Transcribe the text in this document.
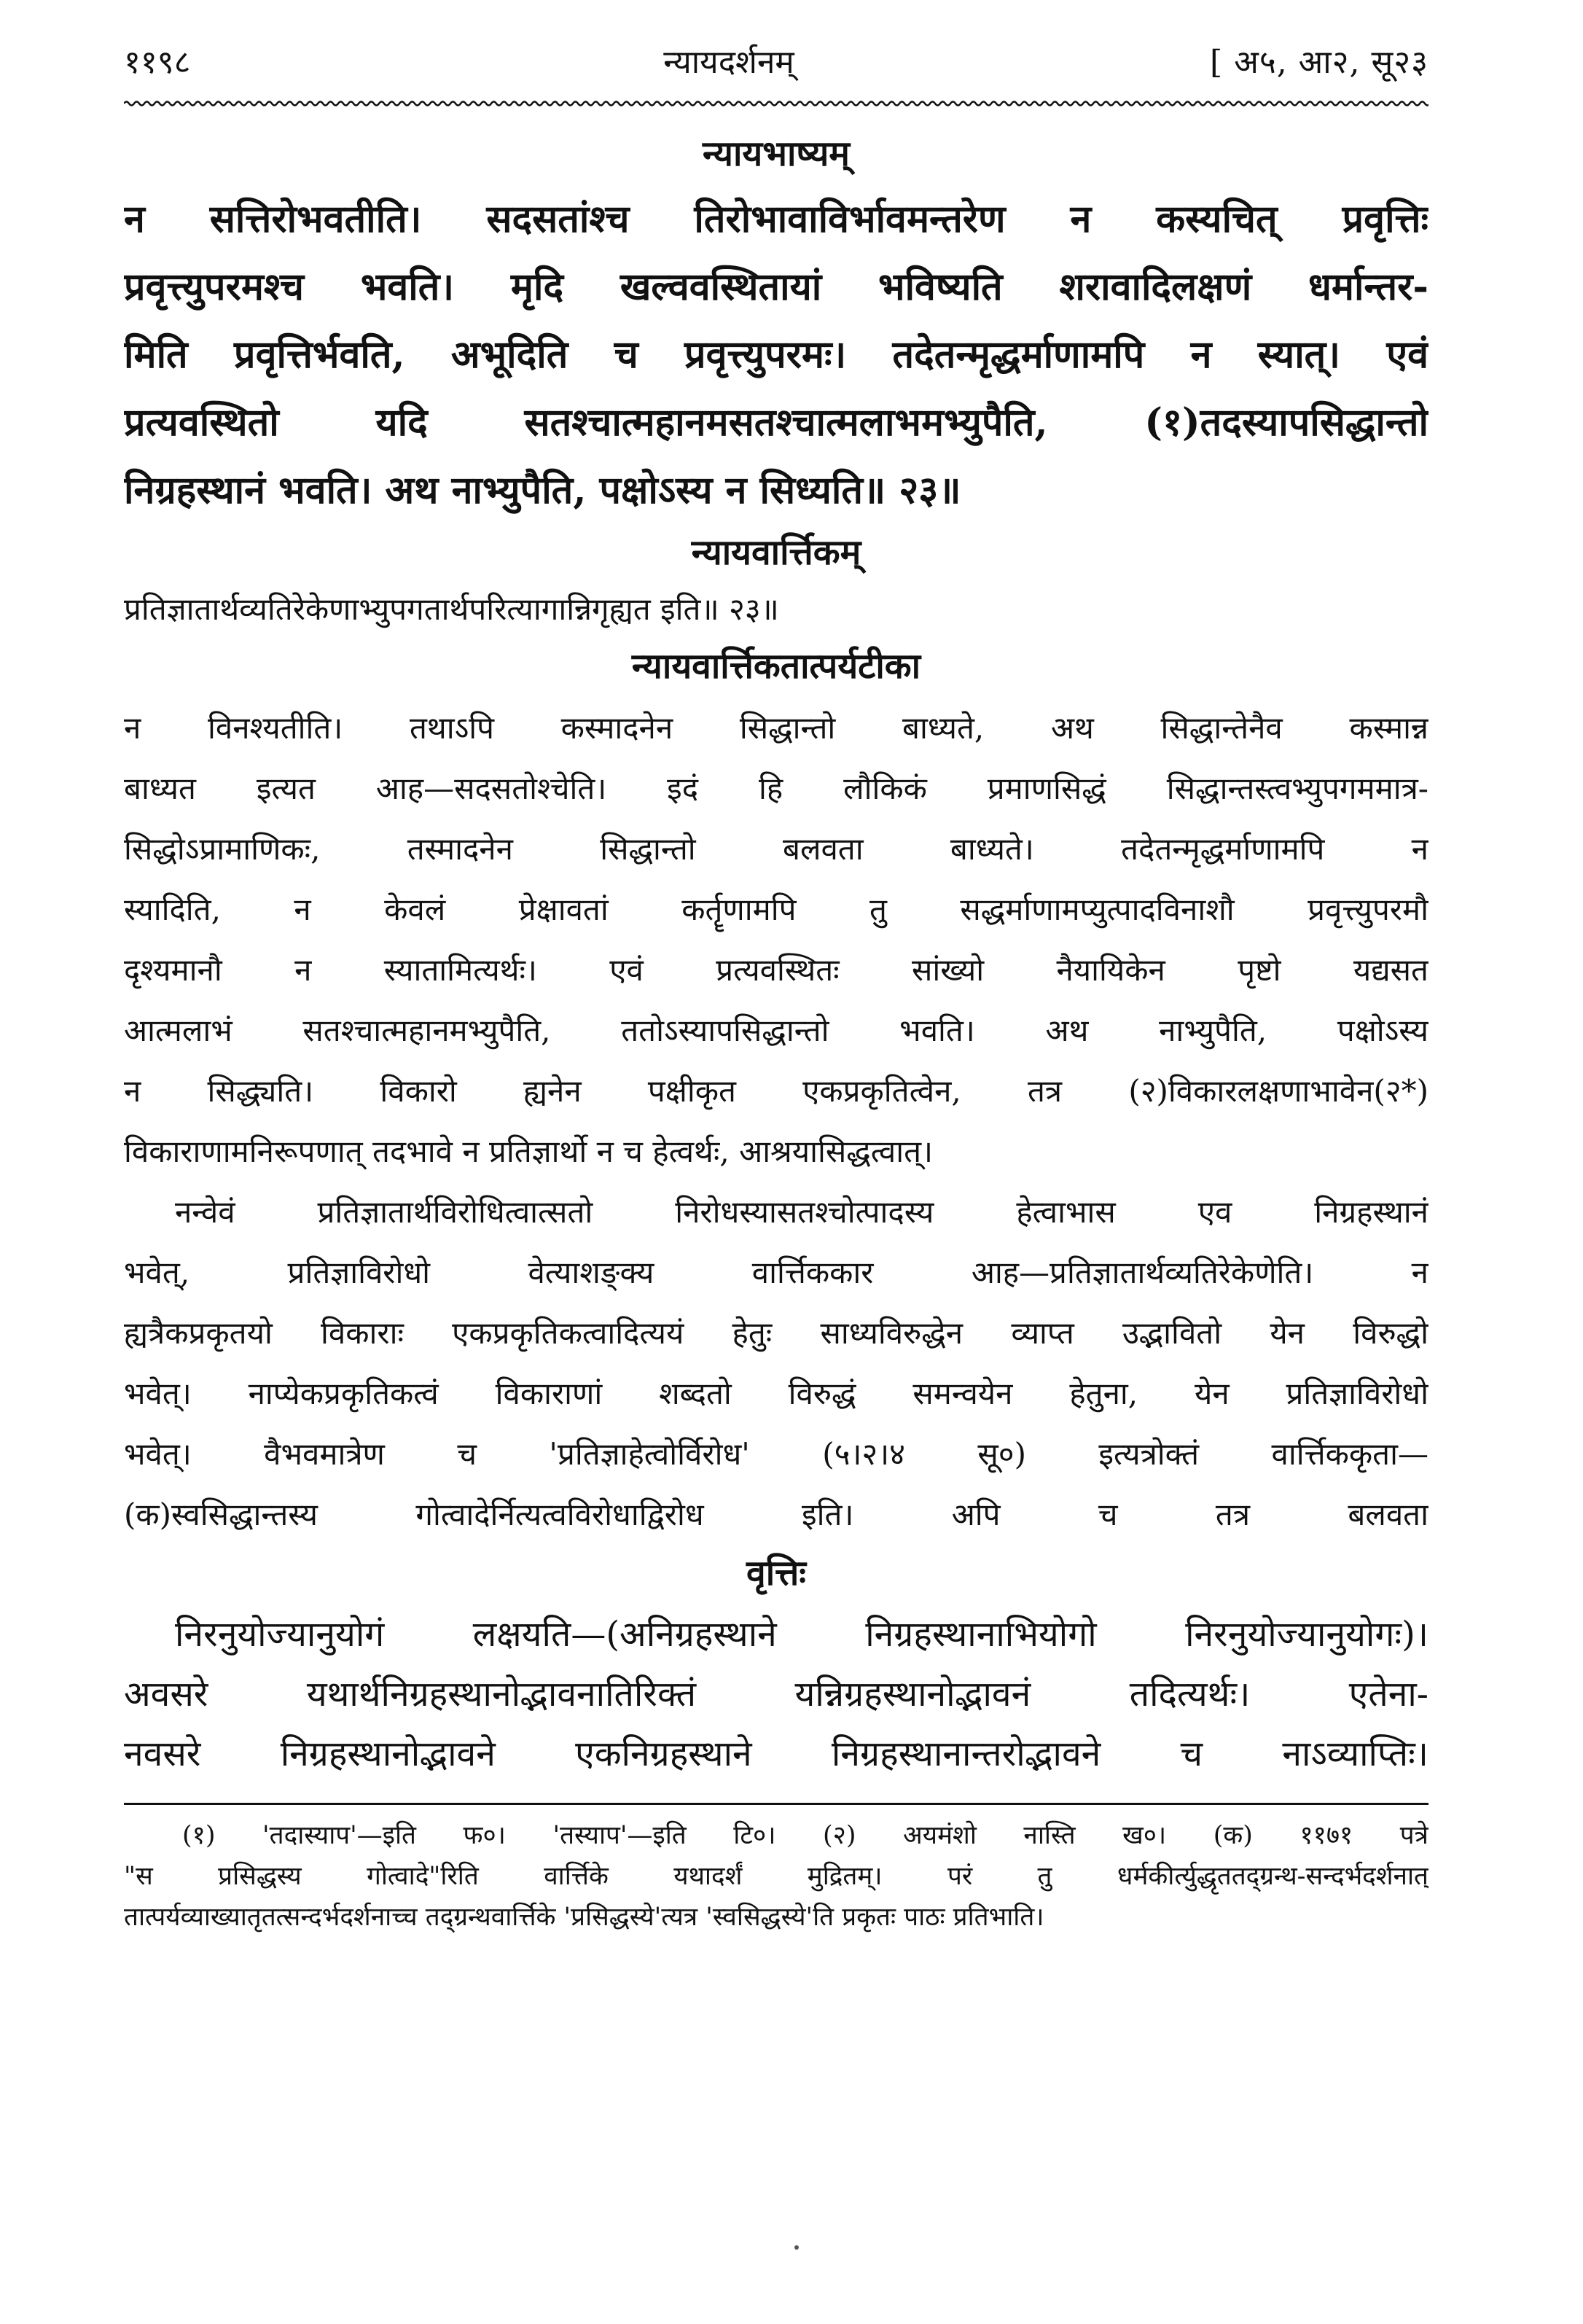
११९८	न्यायदर्शनम्	[ अ५, आ२, सू२३
न्यायभाष्यम्
न सत्तिरोभवतीति। सदसतांश्च तिरोभावाविर्भावमन्तरेण न कस्यचित् प्रवृत्तिः
प्रवृत्त्युपरमश्च भवति। मृदि खल्ववस्थितायां भविष्यति शरावादिलक्षणं धर्मान्तर-
मिति प्रवृत्तिर्भवति, अभूदिति च प्रवृत्त्युपरमः। तदेतन्मृद्धर्माणामपि न स्यात्। एवं
प्रत्यवस्थितो यदि सतश्चात्महानमसतश्चात्मलाभमभ्युपैति, (१)तदस्यापसिद्धान्तो
निग्रहस्थानं भवति। अथ नाभ्युपैति, पक्षोऽस्य न सिध्यति॥ २३॥
न्यायवार्त्तिकम्
प्रतिज्ञातार्थव्यतिरेकेणाभ्युपगतार्थपरित्यागान्निगृह्यत इति॥ २३॥
न्यायवार्त्तिकतात्पर्यटीका
न विनश्यतीति। तथाऽपि कस्मादनेन सिद्धान्तो बाध्यते, अथ सिद्धान्तेनैव कस्मान्न
बाध्यत इत्यत आह—सदसतोश्चेति। इदं हि लौकिकं प्रमाणसिद्धं सिद्धान्तस्त्वभ्युपगममात्र-
सिद्धोऽप्रामाणिकः, तस्मादनेन सिद्धान्तो बलवता बाध्यते। तदेतन्मृद्धर्माणामपि न
स्यादिति, न केवलं प्रेक्षावतां कर्तॄणामपि तु सद्धर्माणामप्युत्पादविनाशौ प्रवृत्त्युपरमौ
दृश्यमानौ न स्यातामित्यर्थः। एवं प्रत्यवस्थितः सांख्यो नैयायिकेन पृष्टो यद्यसत
आत्मलाभं सतश्चात्महानमभ्युपैति, ततोऽस्यापसिद्धान्तो भवति। अथ नाभ्युपैति, पक्षोऽस्य
न सिद्ध्यति। विकारो ह्यनेन पक्षीकृत एकप्रकृतित्वेन, तत्र (२)विकारलक्षणाभावेन(२*)
विकाराणामनिरूपणात् तदभावे न प्रतिज्ञार्थो न च हेत्वर्थः, आश्रयासिद्धत्वात्।
नन्वेवं प्रतिज्ञातार्थविरोधित्वात्सतो निरोधस्यासतश्चोत्पादस्य हेत्वाभास एव निग्रहस्थानं
भवेत्, प्रतिज्ञाविरोधो वेत्याशङ्क्य वार्त्तिककार आह—प्रतिज्ञातार्थव्यतिरेकेणेति। न
ह्यत्रैकप्रकृतयो विकाराः एकप्रकृतिकत्वादित्ययं हेतुः साध्यविरुद्धेन व्याप्त उद्भावितो येन विरुद्धो
भवेत्। नाप्येकप्रकृतिकत्वं विकाराणां शब्दतो विरुद्धं समन्वयेन हेतुना, येन प्रतिज्ञाविरोधो
भवेत्। वैभवमात्रेण च 'प्रतिज्ञाहेत्वोर्विरोध' (५।२।४ सू०) इत्यत्रोक्तं वार्त्तिककृता—
(क)स्वसिद्धान्तस्य गोत्वादेर्नित्यत्वविरोधाद्विरोध इति। अपि च तत्र बलवता
वृत्तिः
निरनुयोज्यानुयोगं लक्षयति—(अनिग्रहस्थाने निग्रहस्थानाभियोगो निरनुयोज्यानुयोगः)।
अवसरे यथार्थनिग्रहस्थानोद्भावनातिरिक्तं यन्निग्रहस्थानोद्भावनं तदित्यर्थः। एतेना-
नवसरे निग्रहस्थानोद्भावने एकनिग्रहस्थाने निग्रहस्थानान्तरोद्भावने च नाऽव्याप्तिः।
(१) 'तदास्याप'—इति फ०। 'तस्याप'—इति टि०। (२) अयमंशो नास्ति ख०। (क) ११७१ पत्रे
"स प्रसिद्धस्य गोत्वादे"रिति वार्त्तिके यथादर्शं मुद्रितम्। परं तु धर्मकीर्त्युद्धृततद्ग्रन्थ-सन्दर्भदर्शनात्
तात्पर्यव्याख्यातृतत्सन्दर्भदर्शनाच्च तद्ग्रन्थवार्त्तिके 'प्रसिद्धस्ये'त्यत्र 'स्वसिद्धस्ये'ति प्रकृतः पाठः प्रतिभाति।
